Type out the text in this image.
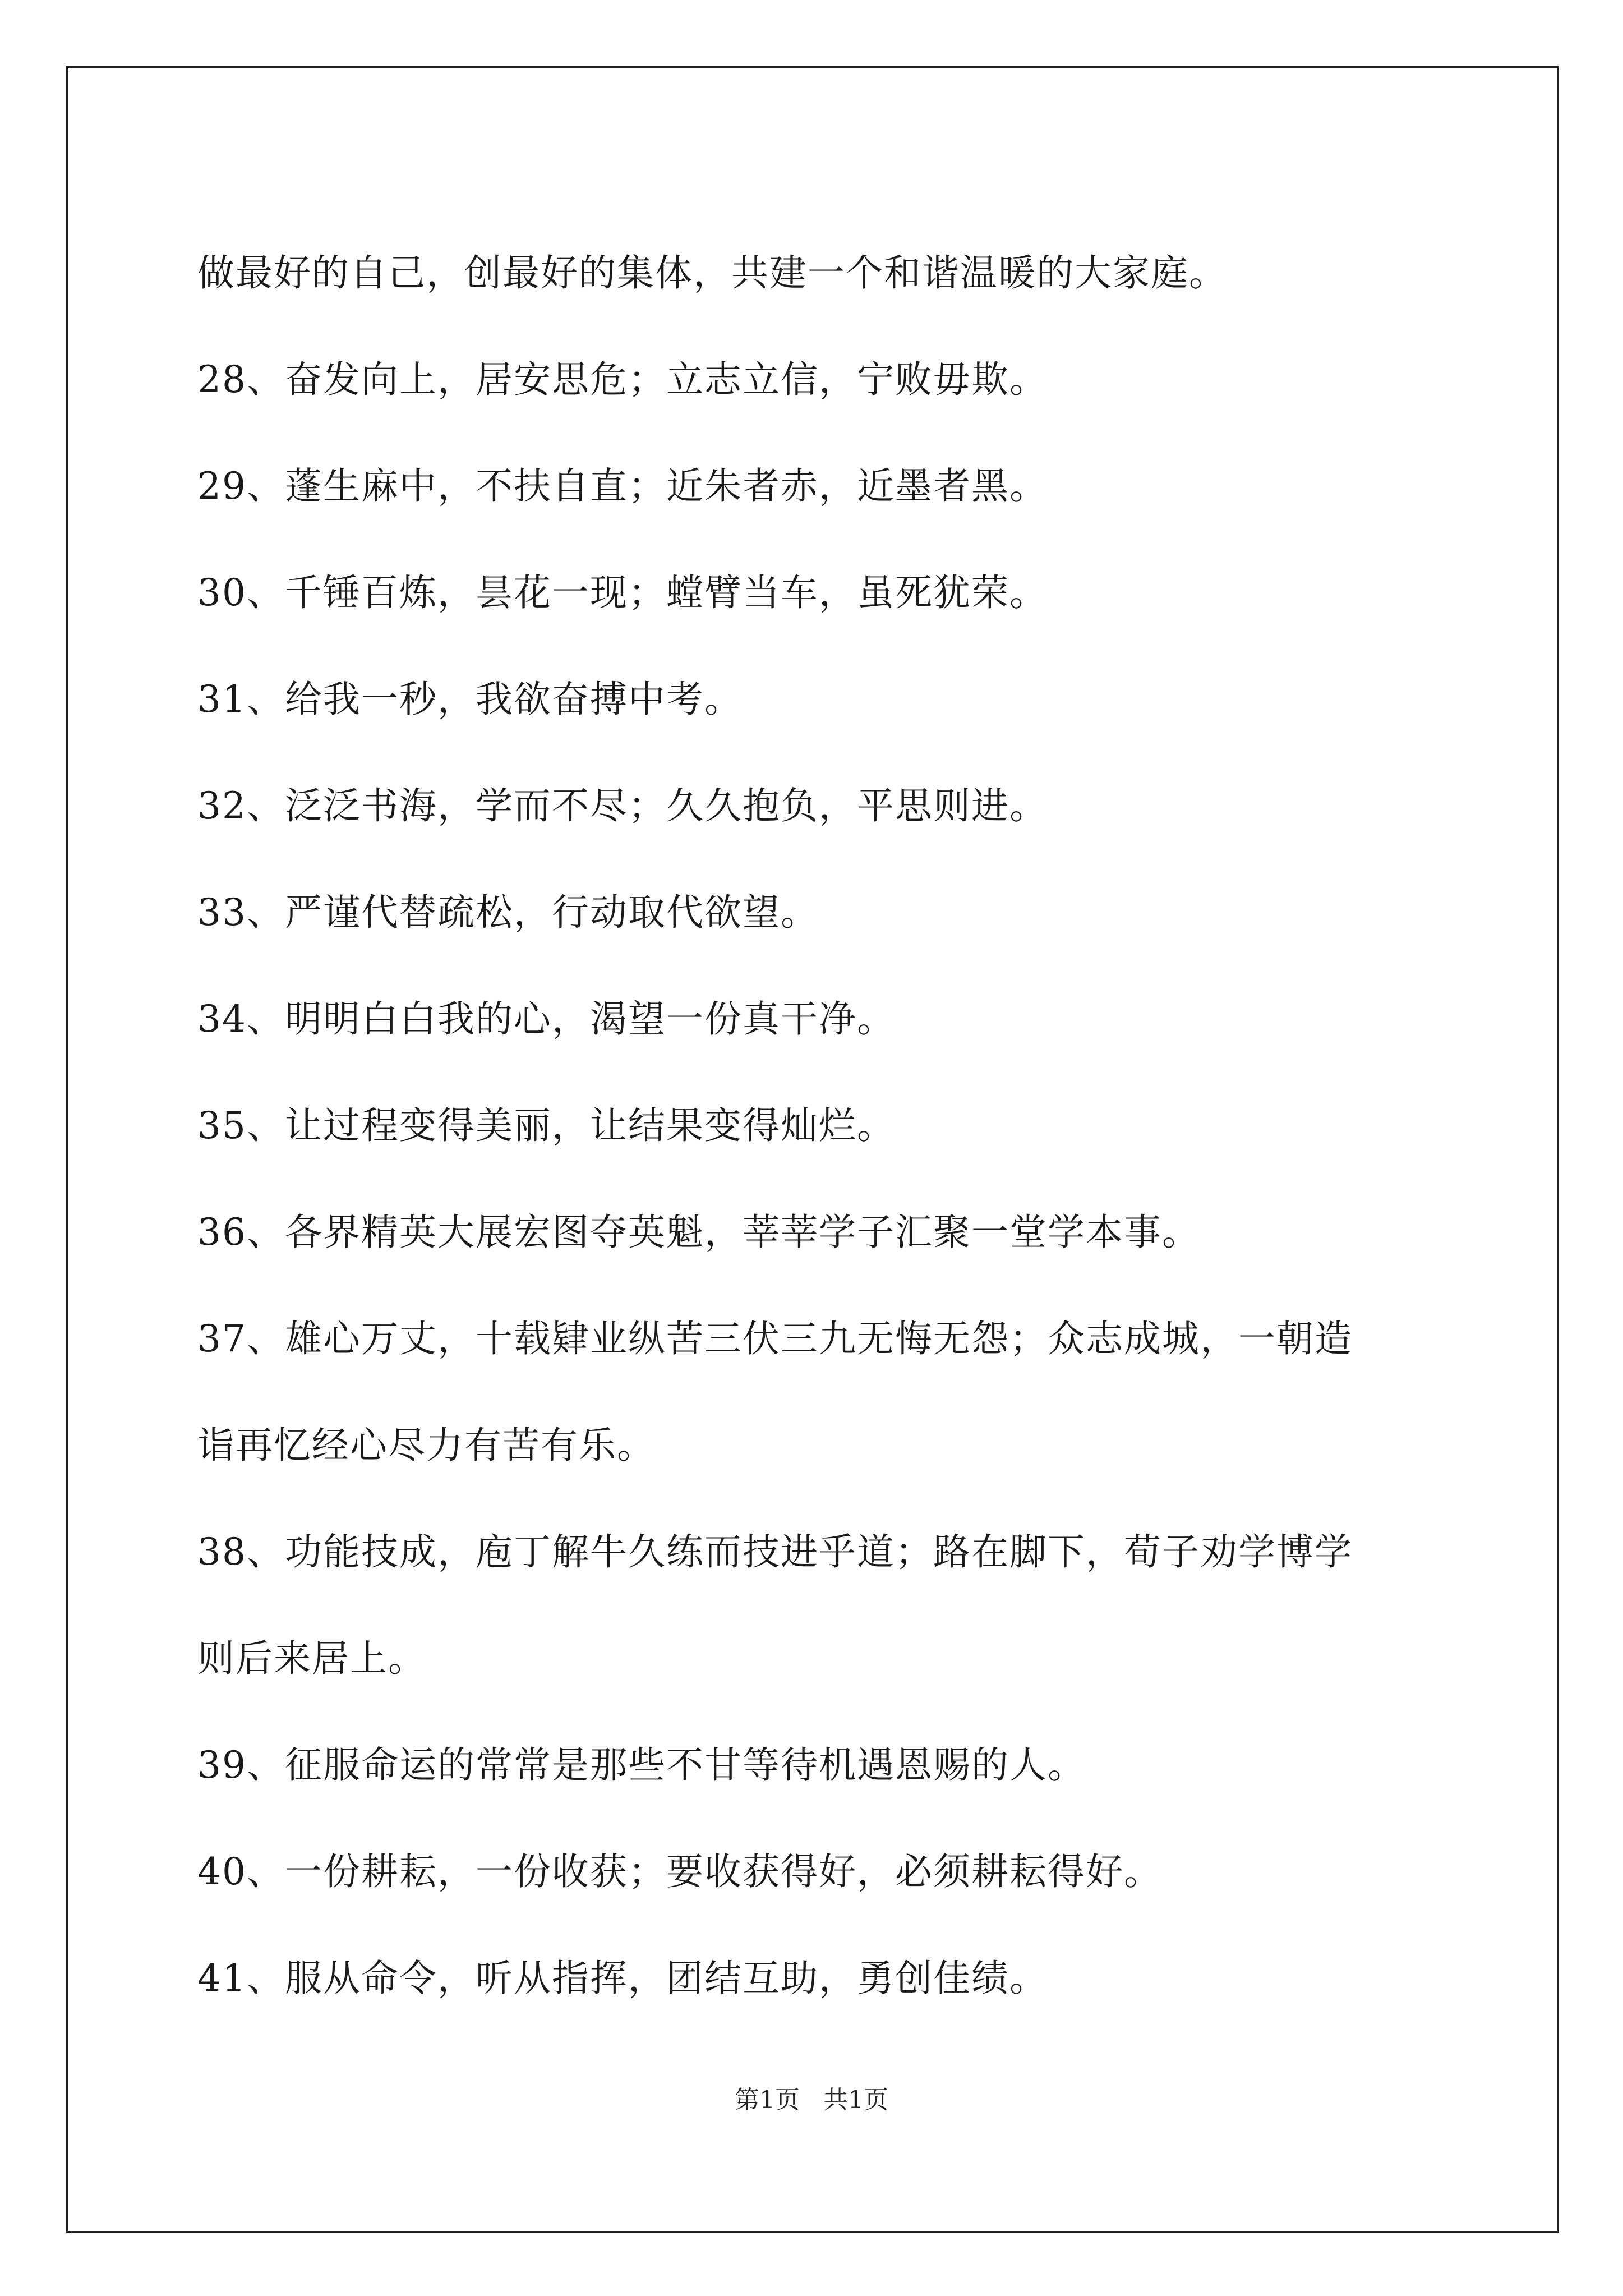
做最好的自己，创最好的集体，共建一个和谐温暖的大家庭。
28、奋发向上，居安思危；立志立信，宁败毋欺。
29、蓬生麻中，不扶自直；近朱者赤，近墨者黑。
30、千锤百炼，昙花一现；螳臂当车，虽死犹荣。
31、给我一秒，我欲奋搏中考。
32、泛泛书海，学而不尽；久久抱负，平思则进。
33、严谨代替疏松，行动取代欲望。
34、明明白白我的心，渴望一份真干净。
35、让过程变得美丽，让结果变得灿烂。
36、各界精英大展宏图夺英魁，莘莘学子汇聚一堂学本事。
37、雄心万丈，十载肄业纵苦三伏三九无悔无怨；众志成城，一朝造
诣再忆经心尽力有苦有乐。
38、功能技成，庖丁解牛久练而技进乎道；路在脚下，荀子劝学博学
则后来居上。
39、征服命运的常常是那些不甘等待机遇恩赐的人。
40、一份耕耘，一份收获；要收获得好，必须耕耘得好。
41、服从命令，听从指挥，团结互助，勇创佳绩。
第1页   共1页
